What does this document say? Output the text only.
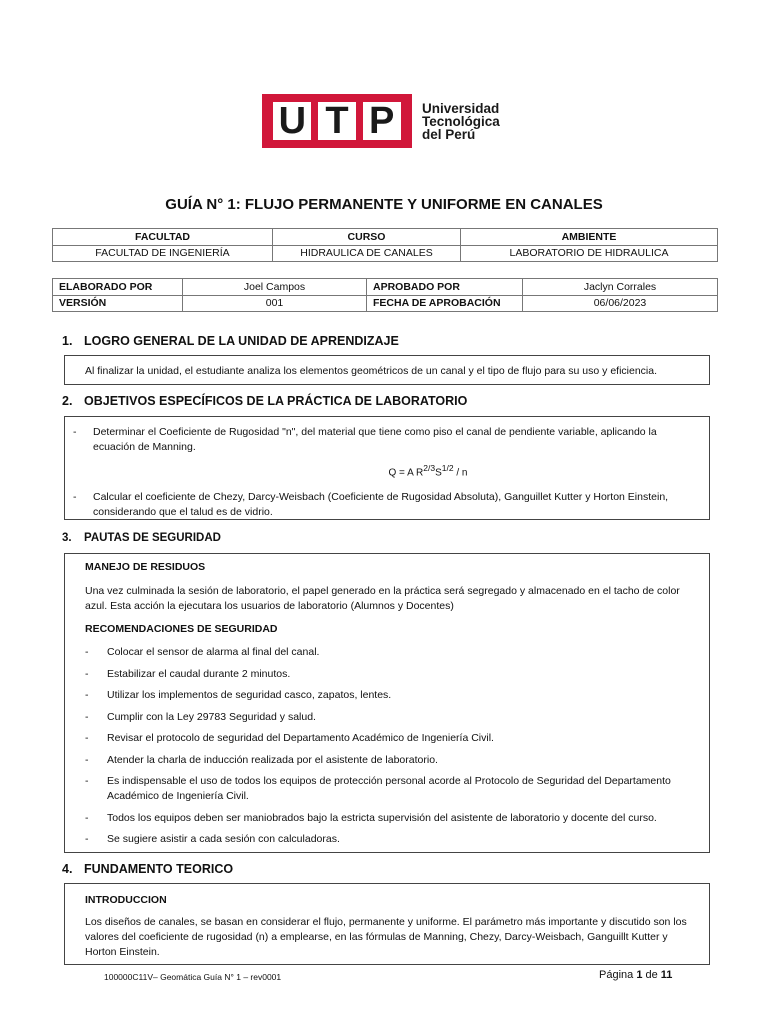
U T P	Universidad
Tecnológica
del Perú
GUÍA N° 1: FLUJO PERMANENTE Y UNIFORME EN CANALES
FACULTAD	CURSO	AMBIENTE
FACULTAD DE INGENIERÍA	HIDRAULICA DE CANALES	LABORATORIO DE HIDRAULICA
ELABORADO POR	Joel Campos	APROBADO POR	Jaclyn Corrales
VERSIÓN	001	FECHA DE APROBACIÓN	06/06/2023
1. LOGRO GENERAL DE LA UNIDAD DE APRENDIZAJE
Al finalizar la unidad, el estudiante analiza los elementos geométricos de un canal y el tipo de flujo para su uso y eficiencia.
2. OBJETIVOS ESPECÍFICOS DE LA PRÁCTICA DE LABORATORIO
-	Determinar el Coeficiente de Rugosidad "n", del material que tiene como piso el canal de pendiente variable, aplicando la ecuación de Manning.
Q = A $R^{2/3}S^{1/2}$ / n
-	Calcular el coeficiente de Chezy, Darcy-Weisbach (Coeficiente de Rugosidad Absoluta), Ganguillet Kutter y Horton Einstein, considerando que el talud es de vidrio.
3. PAUTAS DE SEGURIDAD
MANEJO DE RESIDUOS
Una vez culminada la sesión de laboratorio, el papel generado en la práctica será segregado y almacenado en el tacho de color azul. Esta acción la ejecutara los usuarios de laboratorio (Alumnos y Docentes)
RECOMENDACIONES DE SEGURIDAD
-	Colocar el sensor de alarma al final del canal.
-	Estabilizar el caudal durante 2 minutos.
-	Utilizar los implementos de seguridad casco, zapatos, lentes.
-	Cumplir con la Ley 29783 Seguridad y salud.
-	Revisar el protocolo de seguridad del Departamento Académico de Ingeniería Civil.
-	Atender la charla de inducción realizada por el asistente de laboratorio.
-	Es indispensable el uso de todos los equipos de protección personal acorde al Protocolo de Seguridad del Departamento Académico de Ingeniería Civil.
-	Todos los equipos deben ser maniobrados bajo la estricta supervisión del asistente de laboratorio y docente del curso.
-	Se sugiere asistir a cada sesión con calculadoras.
4. FUNDAMENTO TEORICO
INTRODUCCION
Los diseños de canales, se basan en considerar el flujo, permanente y uniforme. El parámetro más importante y discutido son los valores del coeficiente de rugosidad (n) a emplearse, en las fórmulas de Manning, Chezy, Darcy-Weisbach, Ganguillt Kutter y Horton Einstein.
100000C11V– Geomática Guía N° 1 – rev0001	Página 1 de 11
